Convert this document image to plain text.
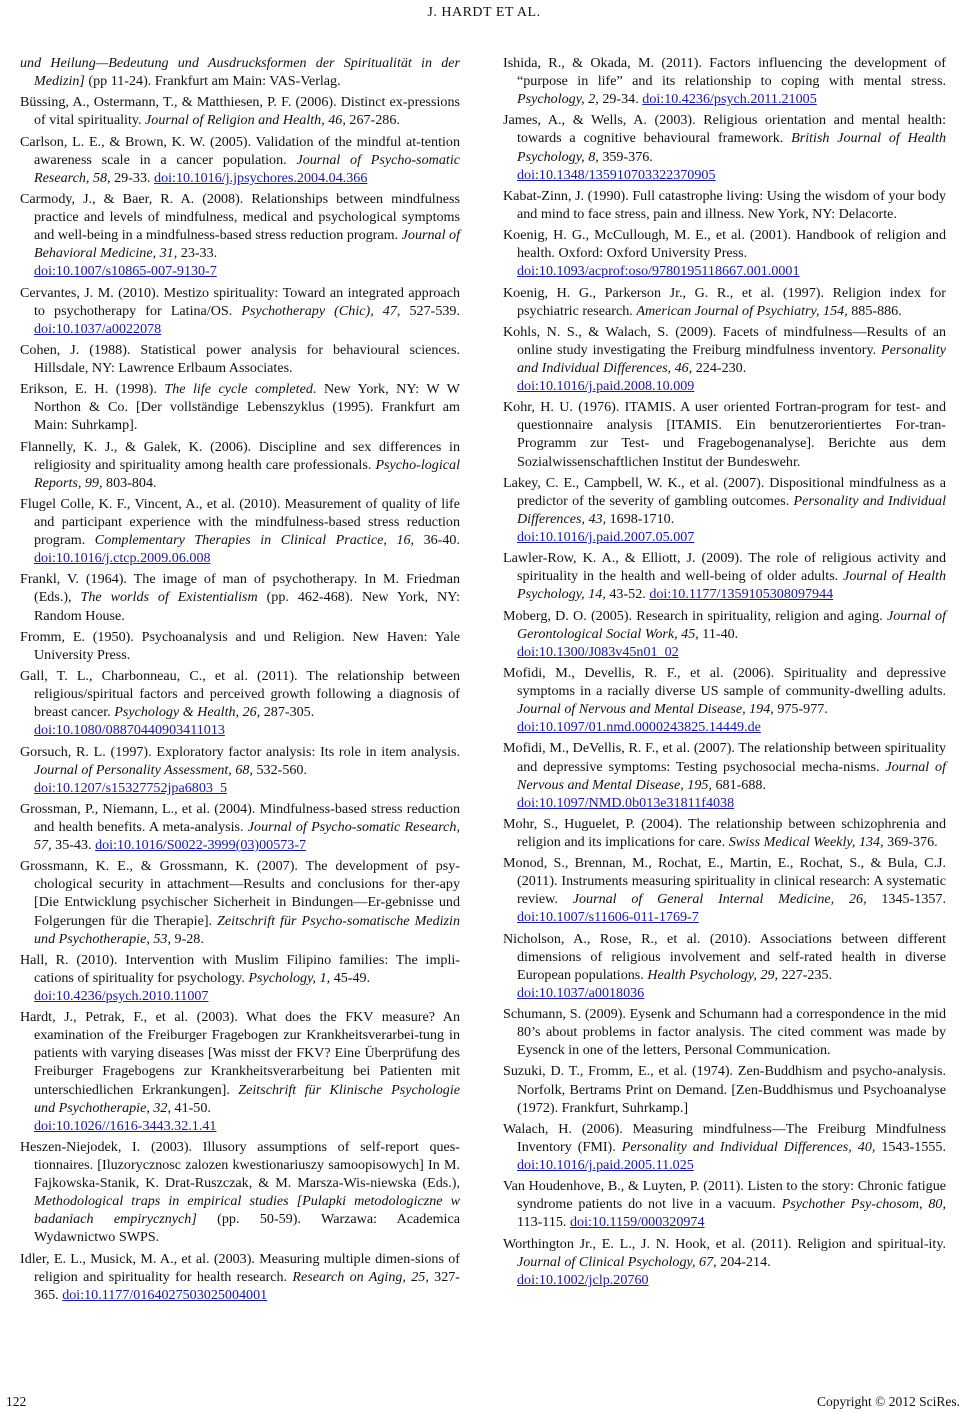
J. HARDT ET AL.

und Heilung—Bedeutung und Ausdrucksformen der Spiritualität in der Medizin] (pp 11-24). Frankfurt am Main: VAS-Verlag.

Büssing, A., Ostermann, T., & Matthiesen, P. F. (2006). Distinct ex-pressions of vital spirituality. Journal of Religion and Health, 46, 267-286.

Carlson, L. E., & Brown, K. W. (2005). Validation of the mindful at-tention awareness scale in a cancer population. Journal of Psycho-somatic Research, 58, 29-33. doi:10.1016/j.jpsychores.2004.04.366

Carmody, J., & Baer, R. A. (2008). Relationships between mindfulness practice and levels of mindfulness, medical and psychological symptoms and well-being in a mindfulness-based stress reduction program. Journal of Behavioral Medicine, 31, 23-33.
doi:10.1007/s10865-007-9130-7

Cervantes, J. M. (2010). Mestizo spirituality: Toward an integrated approach to psychotherapy for Latina/OS. Psychotherapy (Chic), 47, 527-539. doi:10.1037/a0022078

Cohen, J. (1988). Statistical power analysis for behavioural sciences. Hillsdale, NY: Lawrence Erlbaum Associates.

Erikson, E. H. (1998). The life cycle completed. New York, NY: W W Northon & Co. [Der vollständige Lebenszyklus (1995). Frankfurt am Main: Suhrkamp].

Flannelly, K. J., & Galek, K. (2006). Discipline and sex differences in religiosity and spirituality among health care professionals. Psycho-logical Reports, 99, 803-804.

Flugel Colle, K. F., Vincent, A., et al. (2010). Measurement of quality of life and participant experience with the mindfulness-based stress reduction program. Complementary Therapies in Clinical Practice, 16, 36-40. doi:10.1016/j.ctcp.2009.06.008

Frankl, V. (1964). The image of man of psychotherapy. In M. Friedman (Eds.), The worlds of Existentialism (pp. 462-468). New York, NY: Random House.

Fromm, E. (1950). Psychoanalysis and und Religion. New Haven: Yale University Press.

Gall, T. L., Charbonneau, C., et al. (2011). The relationship between religious/spiritual factors and perceived growth following a diagnosis of breast cancer. Psychology & Health, 26, 287-305.
doi:10.1080/08870440903411013

Gorsuch, R. L. (1997). Exploratory factor analysis: Its role in item analysis. Journal of Personality Assessment, 68, 532-560.
doi:10.1207/s15327752jpa6803_5

Grossman, P., Niemann, L., et al. (2004). Mindfulness-based stress reduction and health benefits. A meta-analysis. Journal of Psycho-somatic Research, 57, 35-43. doi:10.1016/S0022-3999(03)00573-7

Grossmann, K. E., & Grossmann, K. (2007). The development of psy-chological security in attachment—Results and conclusions for ther-apy [Die Entwicklung psychischer Sicherheit in Bindungen—Er-gebnisse und Folgerungen für die Therapie]. Zeitschrift für Psycho-somatische Medizin und Psychotherapie, 53, 9-28.

Hall, R. (2010). Intervention with Muslim Filipino families: The impli-cations of spirituality for psychology. Psychology, 1, 45-49.
doi:10.4236/psych.2010.11007

Hardt, J., Petrak, F., et al. (2003). What does the FKV measure? An examination of the Freiburger Fragebogen zur Krankheitsverarbei-tung in patients with varying diseases [Was misst der FKV? Eine Überprüfung des Freiburger Fragebogens zur Krankheitsverarbeitung bei Patienten mit unterschiedlichen Erkrankungen]. Zeitschrift für Klinische Psychologie und Psychotherapie, 32, 41-50.
doi:10.1026//1616-3443.32.1.41

Heszen-Niejodek, I. (2003). Illusory assumptions of self-report ques-tionnaires. [Iluzorycznosc zalozen kwestionariuszy samoopisowych] In M. Fajkowska-Stanik, K. Drat-Ruszczak, & M. Marsza-Wis-niewska (Eds.), Methodological traps in empirical studies [Pulapki metodologiczne w badaniach empirycznych] (pp. 50-59). Warzawa: Academica Wydawnictwo SWPS.

Idler, E. L., Musick, M. A., et al. (2003). Measuring multiple dimen-sions of religion and spirituality for health research. Research on Aging, 25, 327-365. doi:10.1177/0164027503025004001

Ishida, R., & Okada, M. (2011). Factors influencing the development of “purpose in life” and its relationship to coping with mental stress. Psychology, 2, 29-34. doi:10.4236/psych.2011.21005

James, A., & Wells, A. (2003). Religious orientation and mental health: towards a cognitive behavioural framework. British Journal of Health Psychology, 8, 359-376.
doi:10.1348/135910703322370905

Kabat-Zinn, J. (1990). Full catastrophe living: Using the wisdom of your body and mind to face stress, pain and illness. New York, NY: Delacorte.

Koenig, H. G., McCullough, M. E., et al. (2001). Handbook of religion and health. Oxford: Oxford University Press.
doi:10.1093/acprof:oso/9780195118667.001.0001

Koenig, H. G., Parkerson Jr., G. R., et al. (1997). Religion index for psychiatric research. American Journal of Psychiatry, 154, 885-886.

Kohls, N. S., & Walach, S. (2009). Facets of mindfulness—Results of an online study investigating the Freiburg mindfulness inventory. Personality and Individual Differences, 46, 224-230.
doi:10.1016/j.paid.2008.10.009

Kohr, H. U. (1976). ITAMIS. A user oriented Fortran-program for test- and questionnaire analysis [ITAMIS. Ein benutzerorientiertes For-tran-Programm zur Test- und Fragebogenanalyse]. Berichte aus dem Sozialwissenschaftlichen Institut der Bundeswehr.

Lakey, C. E., Campbell, W. K., et al. (2007). Dispositional mindfulness as a predictor of the severity of gambling outcomes. Personality and Individual Differences, 43, 1698-1710.
doi:10.1016/j.paid.2007.05.007

Lawler-Row, K. A., & Elliott, J. (2009). The role of religious activity and spirituality in the health and well-being of older adults. Journal of Health Psychology, 14, 43-52. doi:10.1177/1359105308097944

Moberg, D. O. (2005). Research in spirituality, religion and aging. Journal of Gerontological Social Work, 45, 11-40.
doi:10.1300/J083v45n01_02

Mofidi, M., Devellis, R. F., et al. (2006). Spirituality and depressive symptoms in a racially diverse US sample of community-dwelling adults. Journal of Nervous and Mental Disease, 194, 975-977.
doi:10.1097/01.nmd.0000243825.14449.de

Mofidi, M., DeVellis, R. F., et al. (2007). The relationship between spirituality and depressive symptoms: Testing psychosocial mecha-nisms. Journal of Nervous and Mental Disease, 195, 681-688.
doi:10.1097/NMD.0b013e31811f4038

Mohr, S., Huguelet, P. (2004). The relationship between schizophrenia and religion and its implications for care. Swiss Medical Weekly, 134, 369-376.

Monod, S., Brennan, M., Rochat, E., Martin, E., Rochat, S., & Bula, C.J. (2011). Instruments measuring spirituality in clinical research: A systematic review. Journal of General Internal Medicine, 26, 1345-1357. doi:10.1007/s11606-011-1769-7

Nicholson, A., Rose, R., et al. (2010). Associations between different dimensions of religious involvement and self-rated health in diverse European populations. Health Psychology, 29, 227-235.
doi:10.1037/a0018036

Schumann, S. (2009). Eysenk and Schumann had a correspondence in the mid 80’s about problems in factor analysis. The cited comment was made by Eysenck in one of the letters, Personal Communication.

Suzuki, D. T., Fromm, E., et al. (1974). Zen-Buddhism and psycho-analysis. Norfolk, Bertrams Print on Demand. [Zen-Buddhismus und Psychoanalyse (1972). Frankfurt, Suhrkamp.]

Walach, H. (2006). Measuring mindfulness—The Freiburg Mindfulness Inventory (FMI). Personality and Individual Differences, 40, 1543-1555. doi:10.1016/j.paid.2005.11.025

Van Houdenhove, B., & Luyten, P. (2011). Listen to the story: Chronic fatigue syndrome patients do not live in a vacuum. Psychother Psy-chosom, 80, 113-115. doi:10.1159/000320974

Worthington Jr., E. L., J. N. Hook, et al. (2011). Religion and spiritual-ity. Journal of Clinical Psychology, 67, 204-214.
doi:10.1002/jclp.20760

122	Copyright © 2012 SciRes.
